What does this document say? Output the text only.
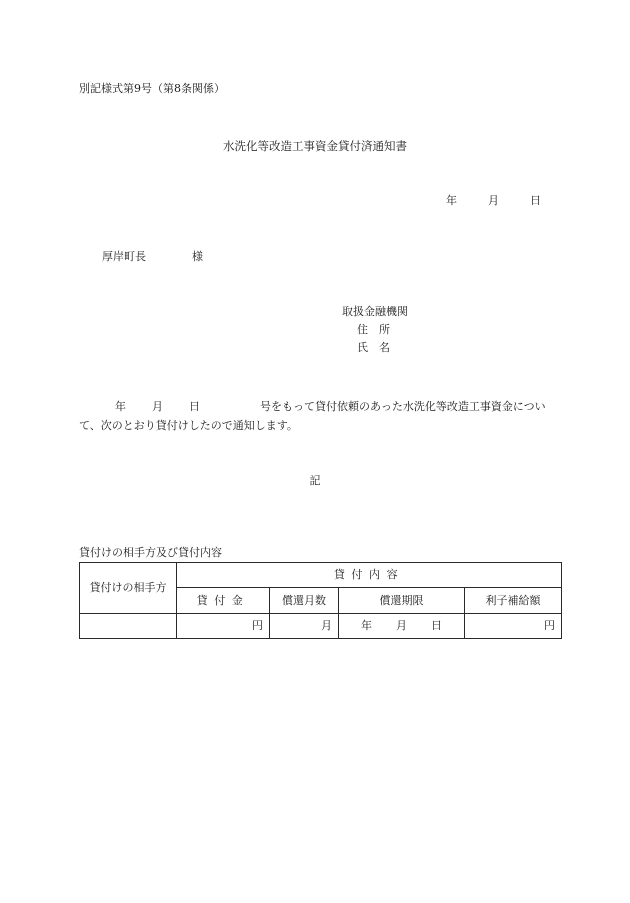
別記様式第9号（第8条関係）
水洗化等改造工事資金貸付済通知書
年	月	日
厚岸町長	様
取扱金融機関
住　所
氏　名
年 月 日	号をもって貸付依頼のあった水洗化等改造工事資金について、次のとおり貸付けしたので通知します。
記
貸付けの相手方及び貸付内容
貸付けの相手方	貸付内容			
	貸付金	償還月数	償還期限	利子補給額
	円	月	年 月 日	円
